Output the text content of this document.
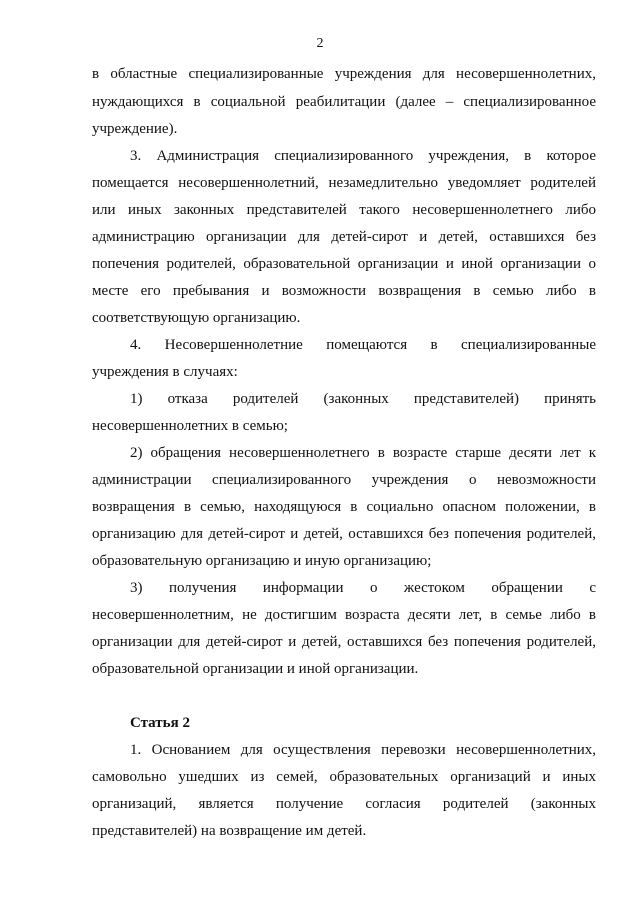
2
в областные специализированные учреждения для несовершеннолетних,
нуждающихся в социальной реабилитации (далее – специализированное
учреждение).
3. Администрация специализированного учреждения, в которое
помещается несовершеннолетний, незамедлительно уведомляет родителей
или иных законных представителей такого несовершеннолетнего либо
администрацию организации для детей-сирот и детей, оставшихся без
попечения родителей, образовательной организации и иной организации о
месте его пребывания и возможности возвращения в семью либо в
соответствующую организацию.
4. Несовершеннолетние помещаются в специализированные
учреждения в случаях:
1) отказа родителей (законных представителей) принять
несовершеннолетних в семью;
2) обращения несовершеннолетнего в возрасте старше десяти лет к
администрации специализированного учреждения о невозможности
возвращения в семью, находящуюся в социально опасном положении, в
организацию для детей-сирот и детей, оставшихся без попечения родителей,
образовательную организацию и иную организацию;
3) получения информации о жестоком обращении с
несовершеннолетним, не достигшим возраста десяти лет, в семье либо в
организации для детей-сирот и детей, оставшихся без попечения родителей,
образовательной организации и иной организации.
Статья 2
1. Основанием для осуществления перевозки несовершеннолетних,
самовольно ушедших из семей, образовательных организаций и иных
организаций, является получение согласия родителей (законных
представителей) на возвращение им детей.
